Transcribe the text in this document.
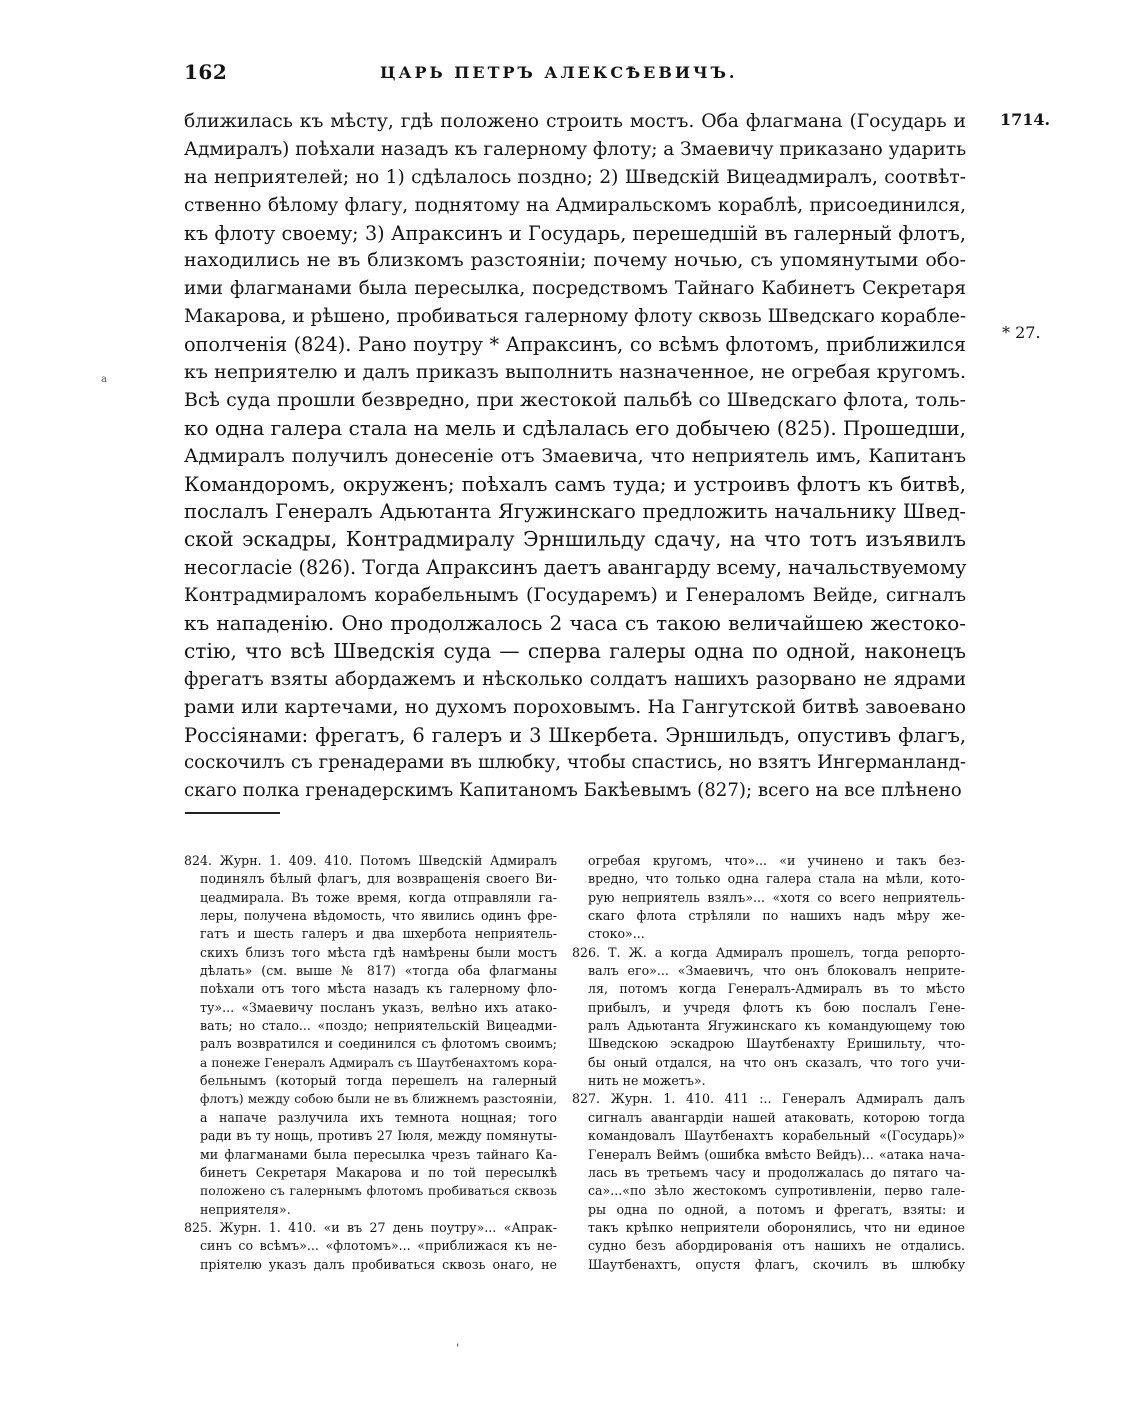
162	ЦАРЬ ПЕТРЪ АЛЕКСѢЕВИЧЪ.
1714.
* 27.
a
ˌ
ближилась къ мѣсту, гдѣ положено строить мостъ. Оба флагмана (Государь и
Адмиралъ) поѣхали назадъ къ галерному флоту; а Змаевичу приказано ударить
на неприятелей; но 1) сдѣлалось поздно; 2) Шведскій Вицеадмиралъ, соотвѣт-
ственно бѣлому флагу, поднятому на Адмиральскомъ кораблѣ, присоединился,
къ флоту своему; 3) Апраксинъ и Государь, перешедшій въ галерный флотъ,
находились не въ близкомъ разстояніи; почему ночью, съ упомянутыми обо-
ими флагманами была пересылка, посредствомъ Тайнаго Кабинетъ Секретаря
Макарова, и рѣшено, пробиваться галерному флоту сквозь Шведскаго корабле-
ополченія (824). Рано поутру * Апраксинъ, со всѣмъ флотомъ, приближился
къ неприятелю и далъ приказъ выполнить назначенное, не огребая кругомъ.
Всѣ суда прошли безвредно, при жестокой пальбѣ со Шведскаго флота, толь-
ко одна галера стала на мель и сдѣлалась его добычею (825). Прошедши,
Адмиралъ получилъ донесеніе отъ Змаевича, что неприятель имъ, Капитанъ
Командоромъ, окруженъ; поѣхалъ самъ туда; и устроивъ флотъ къ битвѣ,
послалъ Генералъ Адьютанта Ягужинскаго предложить начальнику Швед-
ской эскадры, Контрадмиралу Эрншильду сдачу, на что тотъ изъявилъ
несогласіе (826). Тогда Апраксинъ даетъ авангарду всему, начальствуемому
Контрадмираломъ корабельнымъ (Государемъ) и Генераломъ Вейде, сигналъ
къ нападенію. Оно продолжалось 2 часа съ такою величайшею жестоко-
стію, что всѣ Шведскія суда — сперва галеры одна по одной, наконецъ
фрегатъ взяты абордажемъ и нѣсколько солдатъ нашихъ разорвано не ядрами
рами или картечами, но духомъ пороховымъ. На Гангутской битвѣ завоевано
Россіянами: фрегатъ, 6 галеръ и 3 Шкербета. Эрншильдъ, опустивъ флагъ,
соскочилъ съ гренадерами въ шлюбку, чтобы спастись, но взятъ Ингерманланд-
скаго полка гренадерскимъ Капитаномъ Бакѣевымъ (827); всего на все плѣнено
824. Журн. 1. 409. 410. Потомъ Шведскій Адмиралъ
подинялъ бѣлый флагъ, для возвращенія своего Ви-
цеадмирала. Въ тоже время, когда отправляли га-
леры, получена вѣдомость, что явились одинъ фре-
гатъ и шесть галеръ и два шхербота неприятель-
скихъ близъ того мѣста гдѣ намѣрены были мостъ
дѣлать» (см. выше № 817) «тогда оба флагманы
поѣхали отъ того мѣста назадъ къ галерному фло-
ту»... «Змаевичу посланъ указъ, велѣно ихъ атако-
вать; но стало... «поздо; неприятельскій Вицеадми-
ралъ возвратился и соединился съ флотомъ своимъ;
а понеже Генералъ Адмиралъ съ Шаутбенахтомъ кора-
бельнымъ (который тогда перешелъ на галерный
флотъ) между собою были не въ ближнемъ разстояніи,
а напаче разлучила ихъ темнота нощная; того
ради въ ту нощь, противъ 27 Іюля, между помянуты-
ми флагманами была пересылка чрезъ тайнаго Ка-
бинетъ Секретаря Макарова и по той пересылкѣ
положено съ галернымъ флотомъ пробиваться сквозь
неприятеля».
825. Журн. 1. 410. «и въ 27 день поутру»... «Апрак-
синъ со всѣмъ»... «флотомъ»... «приближася къ не-
пріятелю указъ далъ пробиваться сквозь онаго, не
огребая кругомъ, что»... «и учинено и такъ без-
вредно, что только одна галера стала на мѣли, кото-
рую неприятель взялъ»... «хотя со всего неприятель-
скаго флота стрѣляли по нашихъ надъ мѣру же-
стоко»...
826. Т. Ж. а когда Адмиралъ прошелъ, тогда репорто-
валъ его»... «Змаевичъ, что онъ блоковалъ неприте-
ля, потомъ когда Генералъ-Адмиралъ въ то мѣсто
прибылъ, и учредя флотъ къ бою послалъ Гене-
ралъ Адьютанта Ягужинскаго къ командующему тою
Шведскою эскадрою Шаутбенахту Еришильту, что-
бы оный отдался, на что онъ сказалъ, что того учи-
нить не можетъ».
827. Журн. 1. 410. 411 :.. Генералъ Адмиралъ далъ
сигналъ авангардіи нашей атаковать, которою тогда
командовалъ Шаутбенахтъ корабельный «(Государь)»
Генералъ Веймъ (ошибка вмѣсто Вейдъ)... «атака нача-
лась въ третьемъ часу и продолжалась до пятаго ча-
са»...«по зѣло жестокомъ супротивленіи, перво гале-
ры одна по одной, а потомъ и фрегатъ, взяты: и
такъ крѣпко неприятели оборонялись, что ни единое
судно безъ абордированія отъ нашихъ не отдались.
Шаутбенахтъ, опустя флагъ, скочилъ въ шлюбку
